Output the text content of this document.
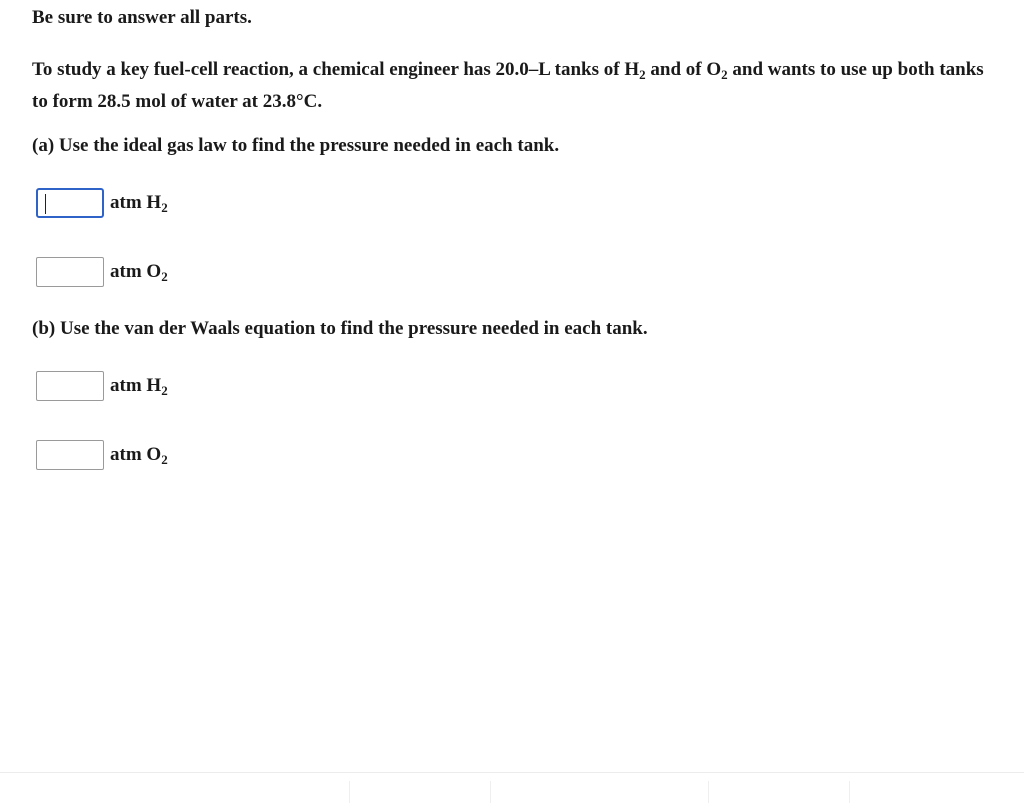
Be sure to answer all parts.
To study a key fuel-cell reaction, a chemical engineer has 20.0–L tanks of $H_2$ and of $O_2$ and wants to use up both tanks to form 28.5 mol of water at 23.8°C.
(a) Use the ideal gas law to find the pressure needed in each tank.
atm $H_2$
atm $O_2$
(b) Use the van der Waals equation to find the pressure needed in each tank.
atm $H_2$
atm $O_2$
